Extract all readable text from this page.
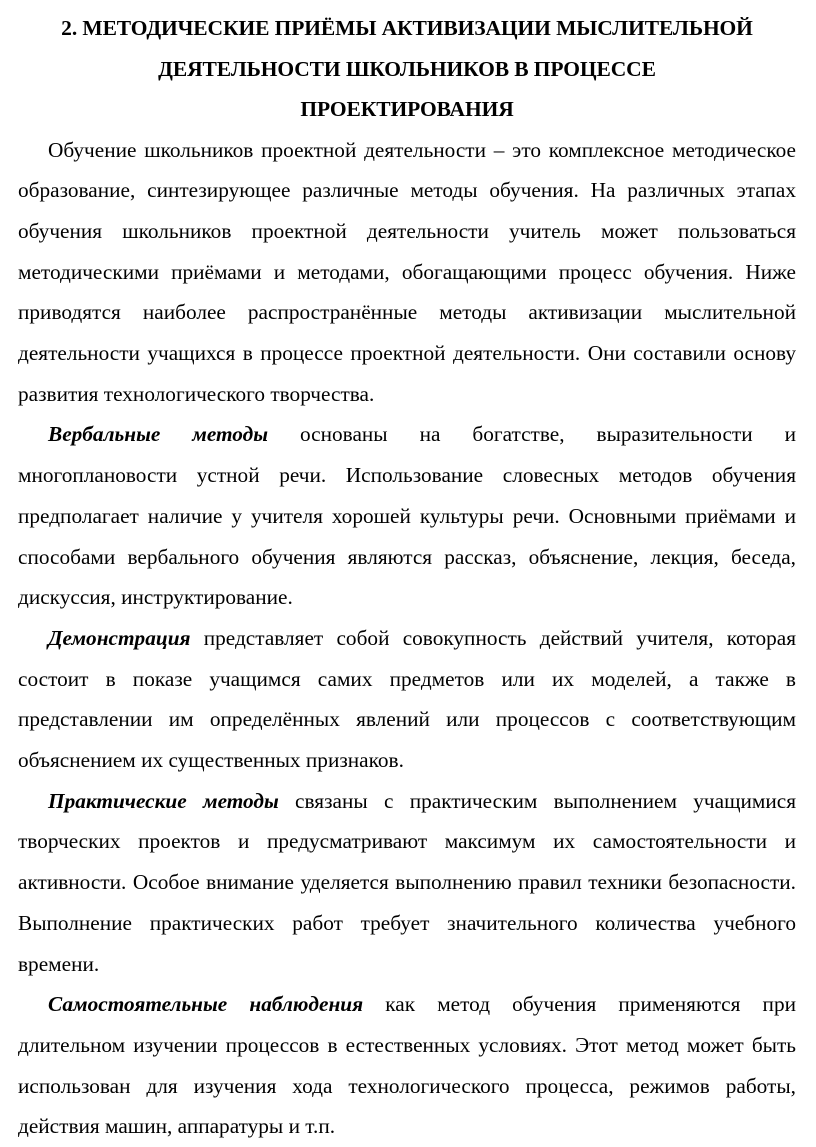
2. МЕТОДИЧЕСКИЕ ПРИЁМЫ АКТИВИЗАЦИИ МЫСЛИТЕЛЬНОЙ
ДЕЯТЕЛЬНОСТИ ШКОЛЬНИКОВ В ПРОЦЕССЕ
ПРОЕКТИРОВАНИЯ

Обучение школьников проектной деятельности – это комплексное методическое образование, синтезирующее различные методы обучения. На различных этапах обучения школьников проектной деятельности учитель может пользоваться методическими приёмами и методами, обогащающими процесс обучения. Ниже приводятся наиболее распространённые методы активизации мыслительной деятельности учащихся в процессе проектной деятельности. Они составили основу развития технологического творчества.

Вербальные методы основаны на богатстве, выразительности и многоплановости устной речи. Использование словесных методов обучения предполагает наличие у учителя хорошей культуры речи. Основными приёмами и способами вербального обучения являются рассказ, объяснение, лекция, беседа, дискуссия, инструктирование.

Демонстрация представляет собой совокупность действий учителя, которая состоит в показе учащимся самих предметов или их моделей, а также в представлении им определённых явлений или процессов с соответствующим объяснением их существенных признаков.

Практические методы связаны с практическим выполнением учащимися творческих проектов и предусматривают максимум их самостоятельности и активности. Особое внимание уделяется выполнению правил техники безопасности. Выполнение практических работ требует значительного количества учебного времени.

Самостоятельные наблюдения как метод обучения применяются при длительном изучении процессов в естественных условиях. Этот метод может быть использован для изучения хода технологического процесса, режимов работы, действия машин, аппаратуры и т.п.
